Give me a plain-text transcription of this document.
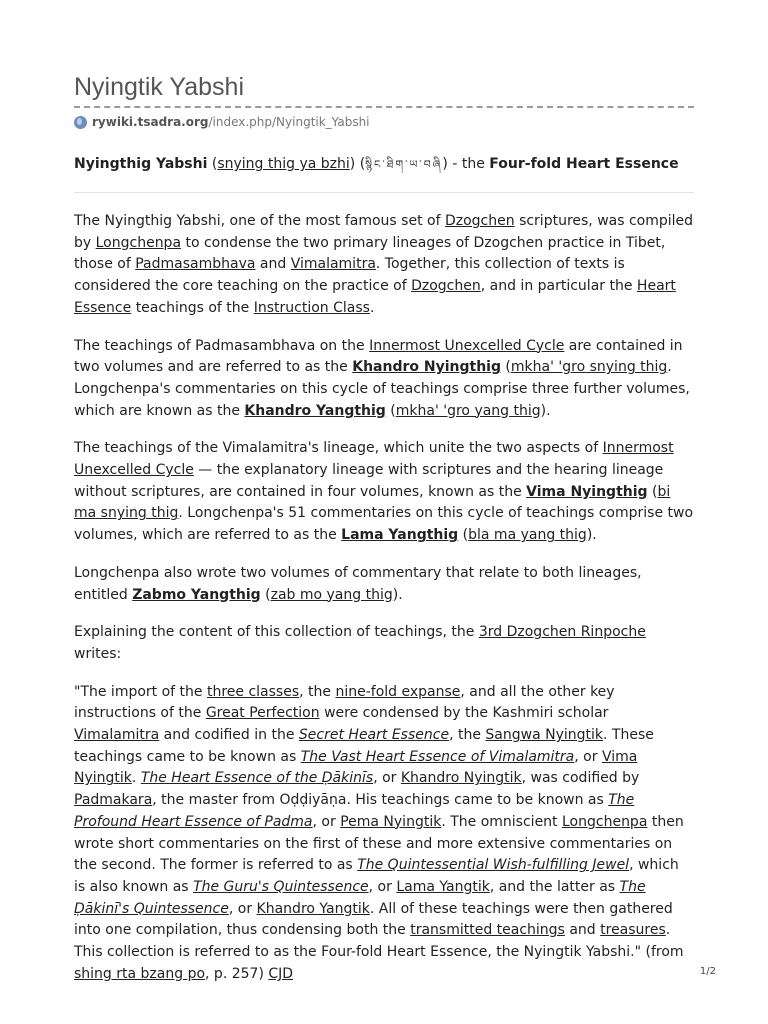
Nyingtik Yabshi
rywiki.tsadra.org /index.php/Nyingtik_Yabshi
Nyingthig Yabshi (snying thig ya bzhi) (སྙིང་ཐིག་ཡ་བཞི) - the Four-fold Heart Essence

The Nyingthig Yabshi, one of the most famous set of Dzogchen scriptures, was compiled by Longchenpa to condense the two primary lineages of Dzogchen practice in Tibet, those of Padmasambhava and Vimalamitra. Together, this collection of texts is considered the core teaching on the practice of Dzogchen, and in particular the Heart Essence teachings of the Instruction Class.

The teachings of Padmasambhava on the Innermost Unexcelled Cycle are contained in two volumes and are referred to as the Khandro Nyingthig (mkha' 'gro snying thig. Longchenpa's commentaries on this cycle of teachings comprise three further volumes, which are known as the Khandro Yangthig (mkha' 'gro yang thig).

The teachings of the Vimalamitra's lineage, which unite the two aspects of Innermost Unexcelled Cycle — the explanatory lineage with scriptures and the hearing lineage without scriptures, are contained in four volumes, known as the Vima Nyingthig (bi ma snying thig. Longchenpa's 51 commentaries on this cycle of teachings comprise two volumes, which are referred to as the Lama Yangthig (bla ma yang thig).

Longchenpa also wrote two volumes of commentary that relate to both lineages, entitled Zabmo Yangthig (zab mo yang thig).

Explaining the content of this collection of teachings, the 3rd Dzogchen Rinpoche writes:

"The import of the three classes, the nine-fold expanse, and all the other key instructions of the Great Perfection were condensed by the Kashmiri scholar Vimalamitra and codified in the Secret Heart Essence, the Sangwa Nyingtik. These teachings came to be known as The Vast Heart Essence of Vimalamitra, or Vima Nyingtik. The Heart Essence of the Ḍākinīs, or Khandro Nyingtik, was codified by Padmakara, the master from Oḍḍiyāṇa. His teachings came to be known as The Profound Heart Essence of Padma, or Pema Nyingtik. The omniscient Longchenpa then wrote short commentaries on the first of these and more extensive commentaries on the second. The former is referred to as The Quintessential Wish-fulfilling Jewel, which is also known as The Guru's Quintessence, or Lama Yangtik, and the latter as The Ḍākinī's Quintessence, or Khandro Yangtik. All of these teachings were then gathered into one compilation, thus condensing both the transmitted teachings and treasures. This collection is referred to as the Four-fold Heart Essence, the Nyingtik Yabshi." (from shing rta bzang po, p. 257) CJD	1/2
